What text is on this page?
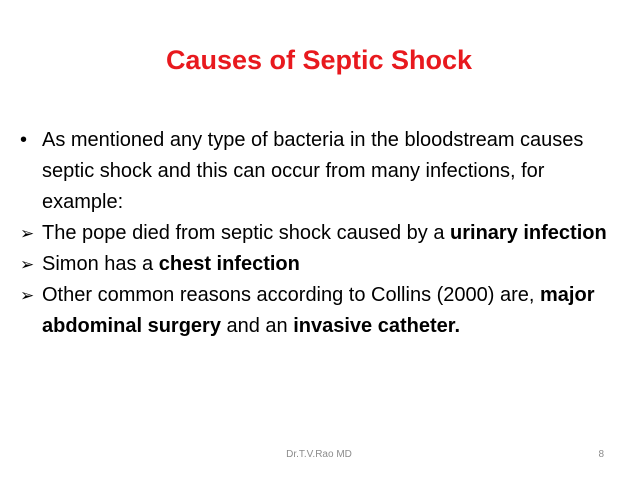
Causes of Septic Shock

•
As mentioned any type of bacteria in the bloodstream causes septic shock and this can occur from many infections, for example:

➢
The pope died from septic shock caused by a urinary infection

➢
Simon has a chest infection

➢
Other common reasons according to Collins (2000) are, major abdominal surgery and an invasive catheter.

Dr.T.V.Rao MD	8
